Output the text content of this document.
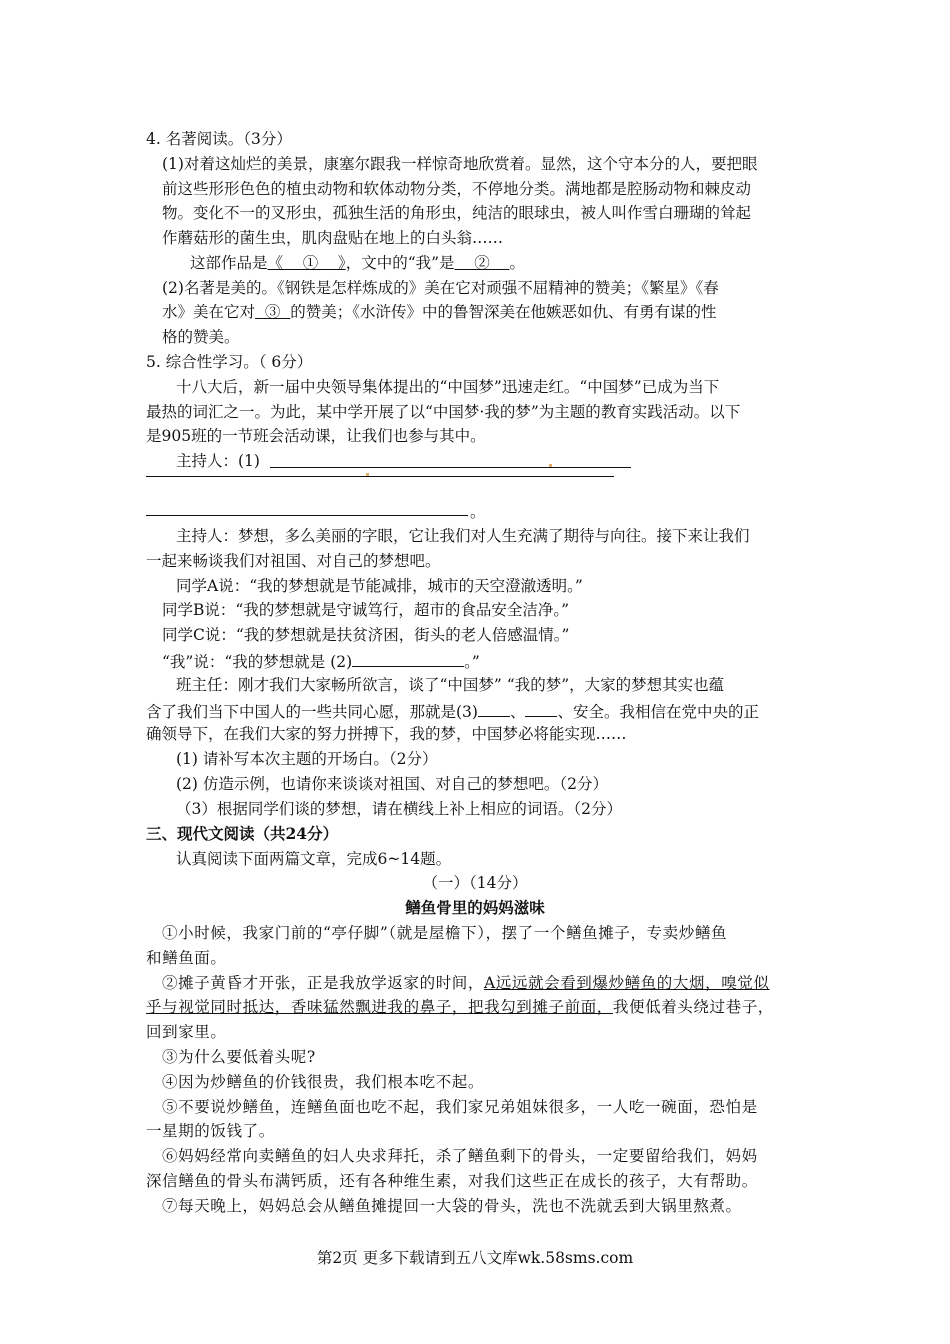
4. 名著阅读。（3分）
(1)对着这灿烂的美景，康塞尔跟我一样惊奇地欣赏着。显然，这个守本分的人，要把眼
前这些形形色色的植虫动物和软体动物分类，不停地分类。满地都是腔肠动物和棘皮动
物。变化不一的叉形虫，孤独生活的角形虫，纯洁的眼球虫，被人叫作雪白珊瑚的耸起
作蘑菇形的菌生虫，肌肉盘贴在地上的白头翁……
这部作品是《    ①    》，文中的“我”是    ②    。
(2)名著是美的。《钢铁是怎样炼成的》美在它对顽强不屈精神的赞美；《繁星》《春
水》美在它对  ③  的赞美；《水浒传》中的鲁智深美在他嫉恶如仇、有勇有谋的性
格的赞美。
5. 综合性学习。（ 6分）
十八大后，新一届中央领导集体提出的“中国梦”迅速走红。“中国梦”已成为当下
最热的词汇之一。为此，某中学开展了以“中国梦·我的梦”为主题的教育实践活动。以下
是905班的一节班会活动课，让我们也参与其中。
主持人：(1)
。
主持人：梦想，多么美丽的字眼，它让我们对人生充满了期待与向往。接下来让我们
一起来畅谈我们对祖国、对自己的梦想吧。
同学A说：“我的梦想就是节能减排，城市的天空澄澈透明。”
同学B说：“我的梦想就是守诚笃行，超市的食品安全洁净。”
同学C说：“我的梦想就是扶贫济困，街头的老人倍感温情。”
“我”说：“我的梦想就是 (2)	。”
班主任：刚才我们大家畅所欲言，谈了“中国梦” “我的梦”，大家的梦想其实也蕴
含了我们当下中国人的一些共同心愿，那就是(3) 、 、安全。我相信在党中央的正
确领导下，在我们大家的努力拼搏下，我的梦，中国梦必将能实现……
(1) 请补写本次主题的开场白。（2分）
(2) 仿造示例，也请你来谈谈对祖国、对自己的梦想吧。（2分）
（3）根据同学们谈的梦想，请在横线上补上相应的词语。（2分）
三、现代文阅读（共24分）
认真阅读下面两篇文章，完成6~14题。
（一）（14分）
鳝鱼骨里的妈妈滋味
①小时候，我家门前的“亭仔脚”（就是屋檐下），摆了一个鳝鱼摊子，专卖炒鳝鱼
和鳝鱼面。
②摊子黄昏才开张，正是我放学返家的时间，A远远就会看到爆炒鳝鱼的大烟，嗅觉似
乎与视觉同时抵达，香味猛然飘进我的鼻子，把我勾到摊子前面，我便低着头绕过巷子，
回到家里。
③为什么要低着头呢?
④因为炒鳝鱼的价钱很贵，我们根本吃不起。
⑤不要说炒鳝鱼，连鳝鱼面也吃不起，我们家兄弟姐妹很多，一人吃一碗面，恐怕是
一星期的饭钱了。
⑥妈妈经常向卖鳝鱼的妇人央求拜托，杀了鳝鱼剩下的骨头，一定要留给我们，妈妈
深信鳝鱼的骨头布满钙质，还有各种维生素，对我们这些正在成长的孩子，大有帮助。
⑦每天晚上，妈妈总会从鳝鱼摊提回一大袋的骨头，洗也不洗就丢到大锅里熬煮。
第2页 更多下载请到五八文库wk.58sms.com
